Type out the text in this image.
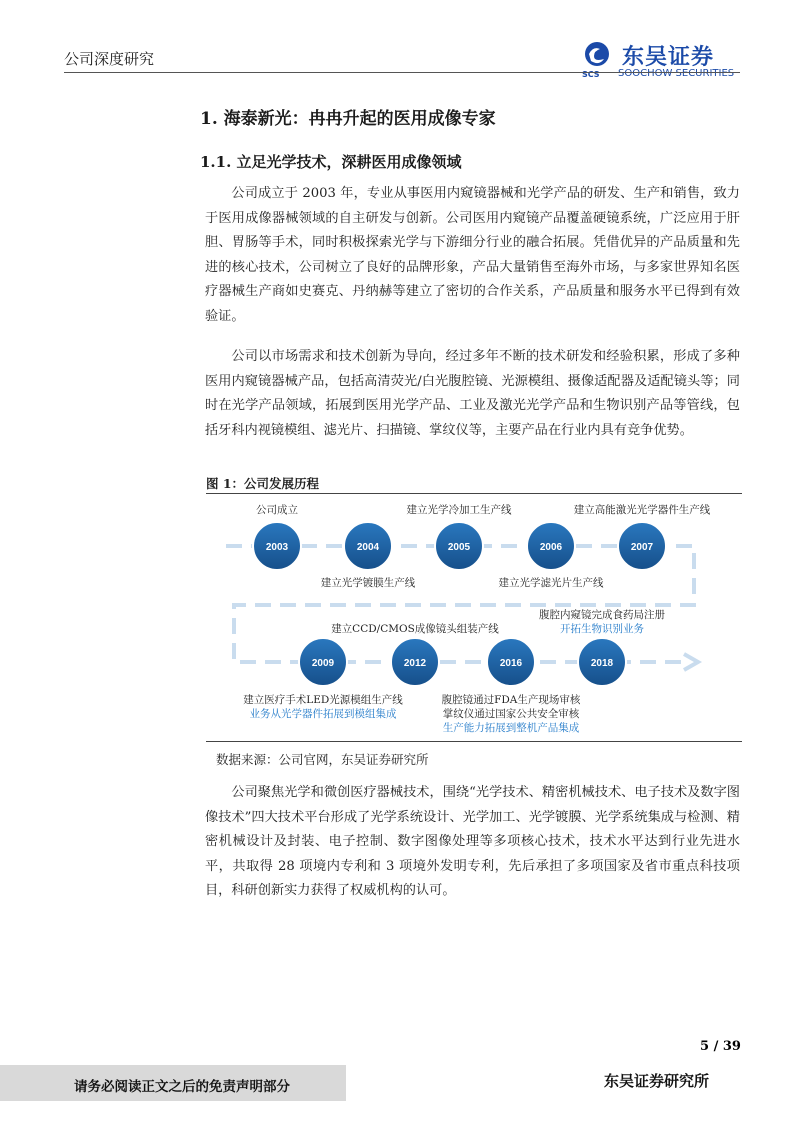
公司深度研究
SCS
东吴证券
SOOCHOW SECURITIES
1. 海泰新光：冉冉升起的医用成像专家
1.1. 立足光学技术，深耕医用成像领域

公司成立于 2003 年，专业从事医用内窥镜器械和光学产品的研发、生产和销售，致力于医用成像器械领域的自主研发与创新。公司医用内窥镜产品覆盖硬镜系统，广泛应用于肝胆、胃肠等手术，同时积极探索光学与下游细分行业的融合拓展。凭借优异的产品质量和先进的核心技术，公司树立了良好的品牌形象，产品大量销售至海外市场，与多家世界知名医疗器械生产商如史赛克、丹纳赫等建立了密切的合作关系，产品质量和服务水平已得到有效验证。

公司以市场需求和技术创新为导向，经过多年不断的技术研发和经验积累，形成了多种医用内窥镜器械产品，包括高清荧光/白光腹腔镜、光源模组、摄像适配器及适配镜头等；同时在光学产品领域，拓展到医用光学产品、工业及激光光学产品和生物识别产品等管线，包括牙科内视镜模组、滤光片、扫描镜、掌纹仪等，主要产品在行业内具有竞争优势。

图 1：公司发展历程
2003
公司成立
2004
建立光学镀膜生产线
2005
建立光学冷加工生产线
2006
建立光学滤光片生产线
2007
建立高能激光光学器件生产线
2009
建立医疗手术LED光源模组生产线
业务从光学器件拓展到模组集成
2012
建立CCD/CMOS成像镜头组装产线
2016
腹腔镜通过FDA生产现场审核
掌纹仪通过国家公共安全审核
生产能力拓展到整机产品集成
2018
腹腔内窥镜完成食药局注册
开拓生物识别业务
数据来源：公司官网，东吴证券研究所

公司聚焦光学和微创医疗器械技术，围绕“光学技术、精密机械技术、电子技术及数字图像技术”四大技术平台形成了光学系统设计、光学加工、光学镀膜、光学系统集成与检测、精密机械设计及封装、电子控制、数字图像处理等多项核心技术，技术水平达到行业先进水平，共取得 28 项境内专利和 3 项境外发明专利，先后承担了多项国家及省市重点科技项目，科研创新实力获得了权威机构的认可。

5 / 39
请务必阅读正文之后的免责声明部分	东吴证券研究所
